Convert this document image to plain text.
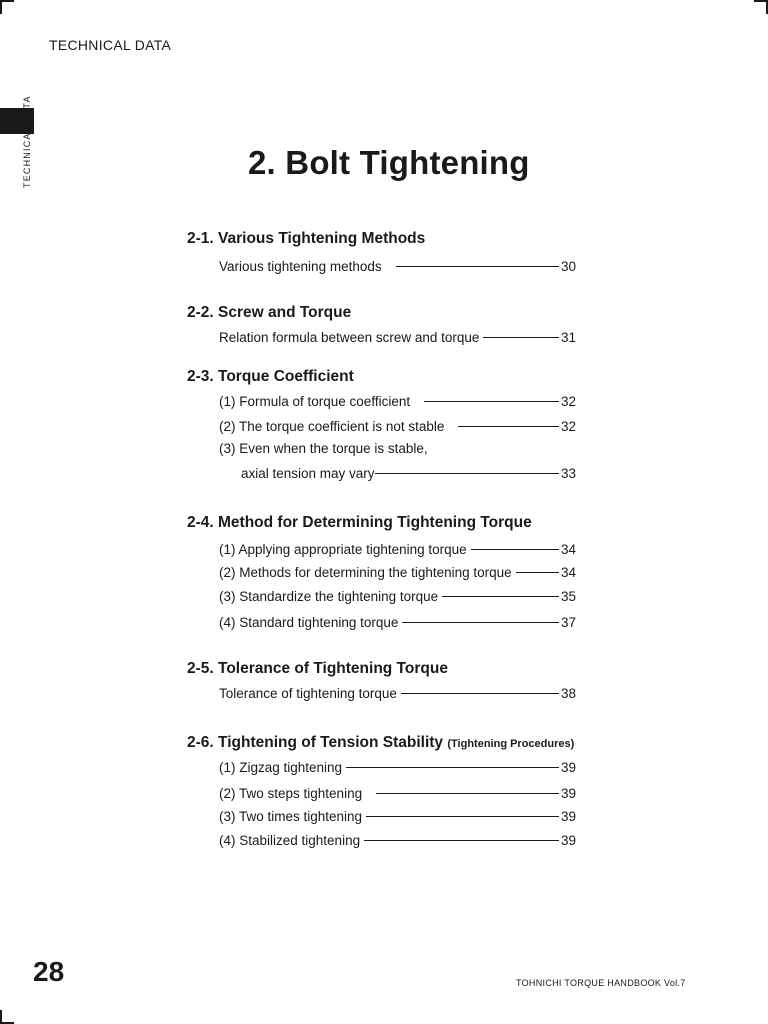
TECHNICAL DATA
TECHNICAL DATA	2. Bolt Tightening
2-1. Various Tightening Methods
Various tightening methods	30
2-2. Screw and Torque
Relation formula between screw and torque	31
2-3. Torque Coefficient
(1) Formula of torque coefficient	32
(2) The torque coefficient is not stable	32
(3) Even when the torque is stable,
axial tension may vary	33
2-4. Method for Determining Tightening Torque
(1) Applying appropriate tightening torque	34
(2) Methods for determining the tightening torque	34
(3) Standardize the tightening torque	35
(4) Standard tightening torque	37
2-5. Tolerance of Tightening Torque
Tolerance of tightening torque	38
2-6. Tightening of Tension Stability (Tightening Procedures)
(1) Zigzag tightening	39
(2) Two steps tightening	39
(3) Two times tightening	39
(4) Stabilized tightening	39
28	TOHNICHI TORQUE HANDBOOK Vol.7
